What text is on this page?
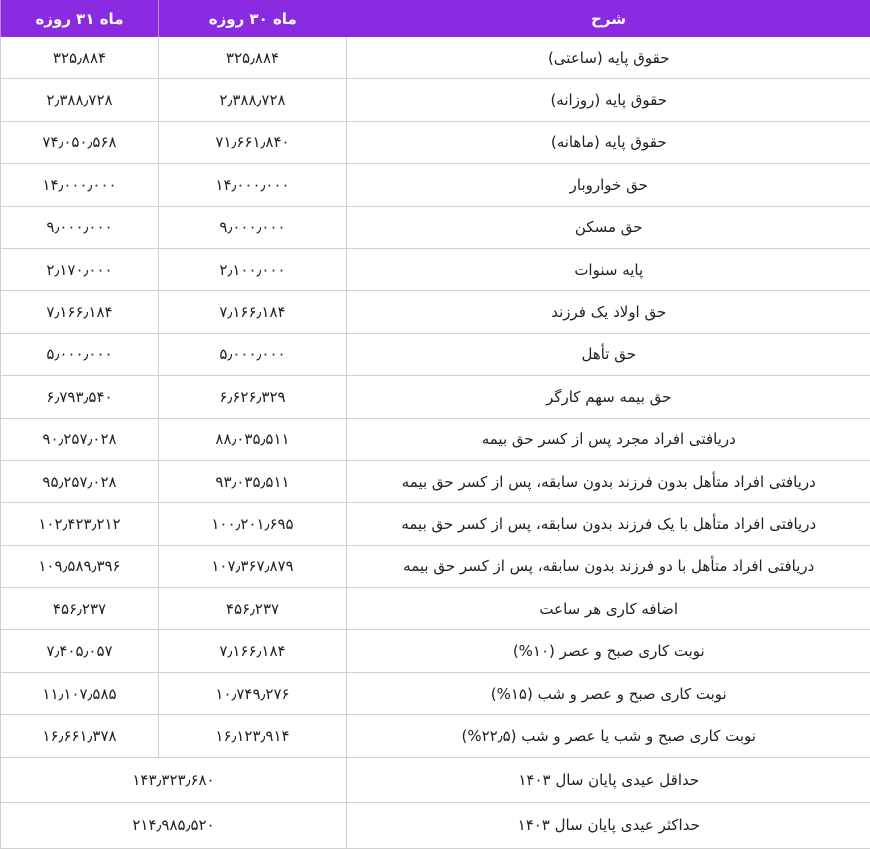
ماه ۳۱ روزه	ماه ۳۰ روزه	شرح
۳۲۵٫۸۸۴	۳۲۵٫۸۸۴	حقوق پایه (ساعتی)
۲٫۳۸۸٫۷۲۸	۲٫۳۸۸٫۷۲۸	حقوق پایه (روزانه)
۷۴٫۰۵۰٫۵۶۸	۷۱٫۶۶۱٫۸۴۰	حقوق پایه (ماهانه)
۱۴٫۰۰۰٫۰۰۰	۱۴٫۰۰۰٫۰۰۰	حق خواروبار
۹٫۰۰۰٫۰۰۰	۹٫۰۰۰٫۰۰۰	حق مسکن
۲٫۱۷۰٫۰۰۰	۲٫۱۰۰٫۰۰۰	پایه سنوات
۷٫۱۶۶٫۱۸۴	۷٫۱۶۶٫۱۸۴	حق اولاد یک فرزند
۵٫۰۰۰٫۰۰۰	۵٫۰۰۰٫۰۰۰	حق تأهل
۶٫۷۹۳٫۵۴۰	۶٫۶۲۶٫۳۲۹	حق بیمه سهم کارگر
۹۰٫۲۵۷٫۰۲۸	۸۸٫۰۳۵٫۵۱۱	دریافتی افراد مجرد پس از کسر حق بیمه
۹۵٫۲۵۷٫۰۲۸	۹۳٫۰۳۵٫۵۱۱	دریافتی افراد متأهل بدون فرزند بدون سابقه، پس از کسر حق بیمه
۱۰۲٫۴۲۳٫۲۱۲	۱۰۰٫۲۰۱٫۶۹۵	دریافتی افراد متأهل با یک فرزند بدون سابقه، پس از کسر حق بیمه
۱۰۹٫۵۸۹٫۳۹۶	۱۰۷٫۳۶۷٫۸۷۹	دریافتی افراد متأهل با دو فرزند بدون سابقه، پس از کسر حق بیمه
۴۵۶٫۲۳۷	۴۵۶٫۲۳۷	اضافه کاری هر ساعت
۷٫۴۰۵٫۰۵۷	۷٫۱۶۶٫۱۸۴	نوبت کاری صبح و عصر (۱۰%)
۱۱٫۱۰۷٫۵۸۵	۱۰٫۷۴۹٫۲۷۶	نوبت کاری صبح و عصر و شب (۱۵%)
۱۶٫۶۶۱٫۳۷۸	۱۶٫۱۲۳٫۹۱۴	نوبت کاری صبح و شب یا عصر و شب (۲۲٫۵%)
۱۴۳٫۳۲۳٫۶۸۰		حداقل عیدی پایان سال ۱۴۰۳
۲۱۴٫۹۸۵٫۵۲۰		حداکثر عیدی پایان سال ۱۴۰۳
